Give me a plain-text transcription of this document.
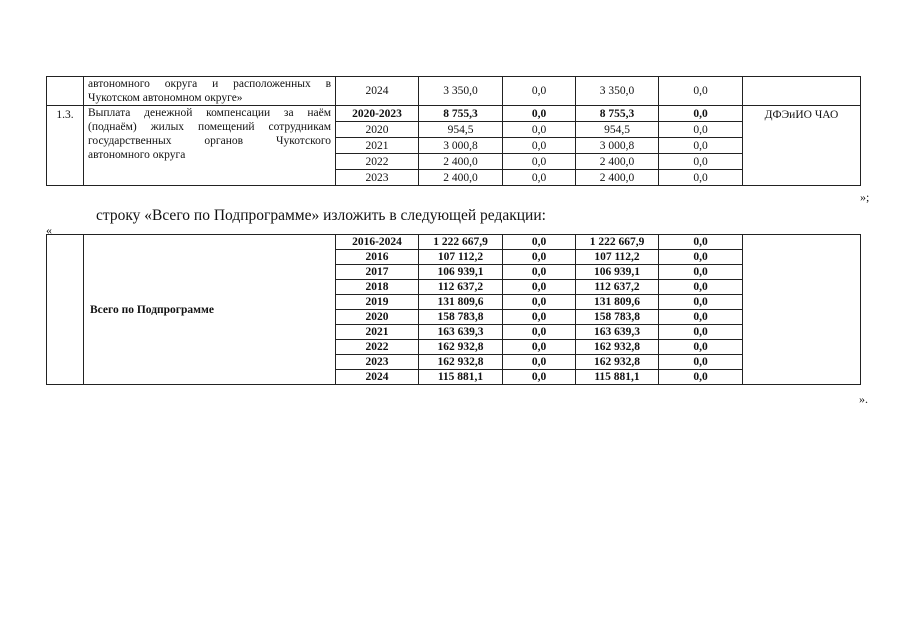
	автономного округа и расположенных в Чукотском автономном округе»	2024	3 350,0	0,0	3 350,0	0,0	
1.3.	Выплата денежной компенсации за наём (поднаём) жилых помещений сотрудникам государственных органов Чукотского автономного округа	2020-2023	8 755,3	0,0	8 755,3	0,0	ДФЭиИО ЧАО
		2020	954,5	0,0	954,5	0,0	
		2021	3 000,8	0,0	3 000,8	0,0	
		2022	2 400,0	0,0	2 400,0	0,0	
		2023	2 400,0	0,0	2 400,0	0,0	
»;
строку «Всего по Подпрограмме» изложить в следующей редакции:
«
	Всего по Подпрограмме	2016-2024	1 222 667,9	0,0	1 222 667,9	0,0	
		2016	107 112,2	0,0	107 112,2	0,0	
		2017	106 939,1	0,0	106 939,1	0,0	
		2018	112 637,2	0,0	112 637,2	0,0	
		2019	131 809,6	0,0	131 809,6	0,0	
		2020	158 783,8	0,0	158 783,8	0,0	
		2021	163 639,3	0,0	163 639,3	0,0	
		2022	162 932,8	0,0	162 932,8	0,0	
		2023	162 932,8	0,0	162 932,8	0,0	
		2024	115 881,1	0,0	115 881,1	0,0	
».
